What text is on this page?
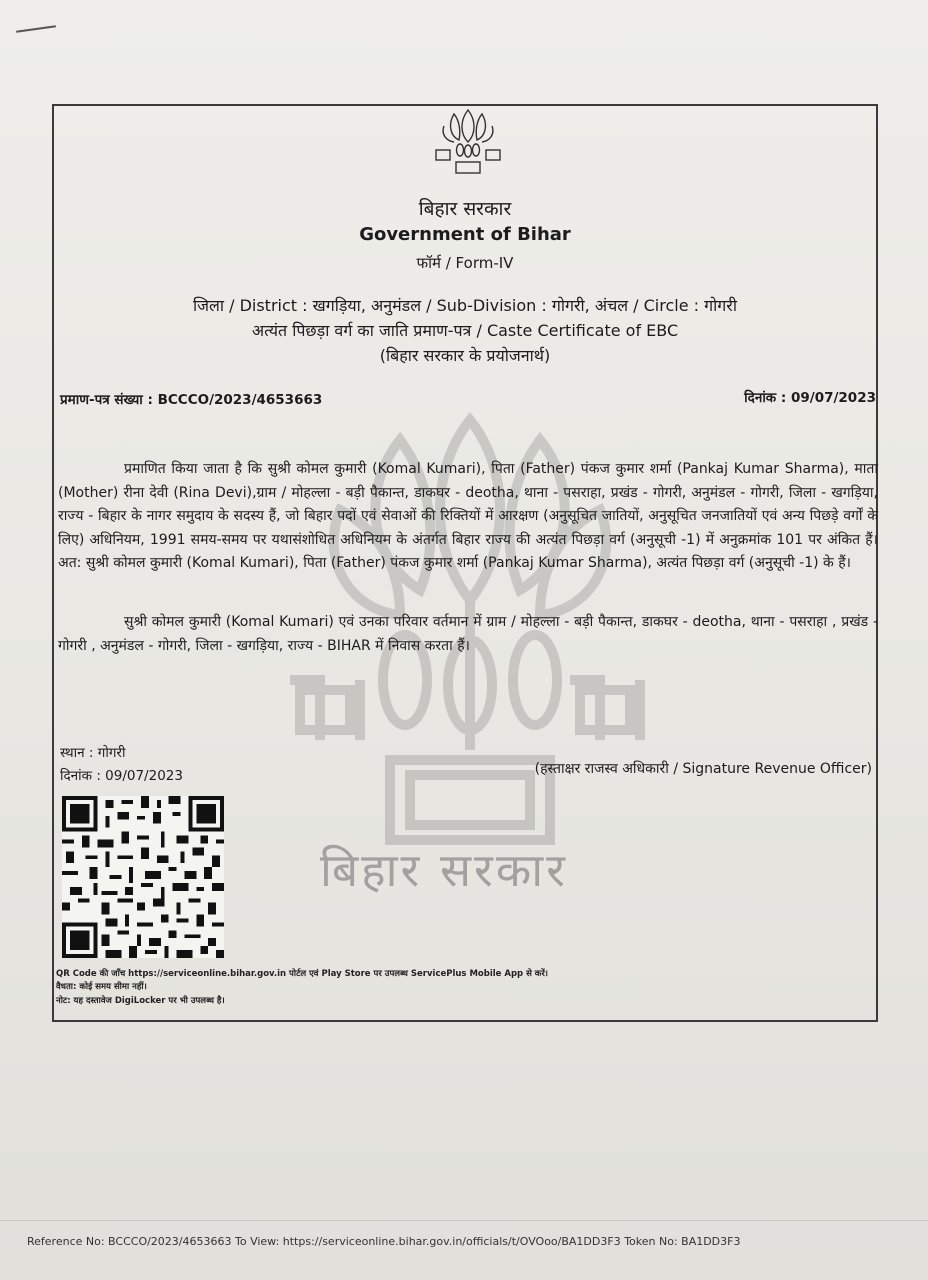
बिहार सरकार
बिहार सरकार
Government of Bihar
फॉर्म / Form-IV
जिला / District : खगड़िया, अनुमंडल / Sub-Division : गोगरी, अंचल / Circle : गोगरी
अत्यंत पिछड़ा वर्ग का जाति प्रमाण-पत्र / Caste Certificate of EBC
(बिहार सरकार के प्रयोजनार्थ)
प्रमाण-पत्र संख्या : BCCCO/2023/4653663	दिनांक : 09/07/2023

प्रमाणित किया जाता है कि सुश्री कोमल कुमारी (Komal Kumari), पिता (Father) पंकज कुमार शर्मा (Pankaj Kumar Sharma), माता (Mother) रीना देवी (Rina Devi),ग्राम / मोहल्ला - बड़ी पैकान्त, डाकघर - deotha, थाना - पसराहा, प्रखंड - गोगरी, अनुमंडल - गोगरी, जिला - खगड़िया, राज्य - बिहार के नागर समुदाय के सदस्य हैं, जो बिहार पदों एवं सेवाओं की रिक्तियों में आरक्षण (अनुसूचित जातियों, अनुसूचित जनजातियों एवं अन्य पिछड़े वर्गों के लिए) अधिनियम, 1991 समय-समय पर यथासंशोधित अधिनियम के अंतर्गत बिहार राज्य की अत्यंत पिछड़ा वर्ग (अनुसूची -1) में अनुक्रमांक 101 पर अंकित हैं। अत: सुश्री कोमल कुमारी (Komal Kumari), पिता (Father) पंकज कुमार शर्मा (Pankaj Kumar Sharma), अत्यंत पिछड़ा वर्ग (अनुसूची -1) के हैं।

सुश्री कोमल कुमारी (Komal Kumari) एवं उनका परिवार वर्तमान में ग्राम / मोहल्ला - बड़ी पैकान्त, डाकघर - deotha, थाना - पसराहा , प्रखंड - गोगरी , अनुमंडल - गोगरी, जिला - खगड़िया, राज्य - BIHAR में निवास करता हैं।

स्थान : गोगरी
दिनांक : 09/07/2023	(हस्ताक्षर राजस्व अधिकारी / Signature Revenue Officer)
QR Code की जाँच https://serviceonline.bihar.gov.in पोर्टल एवं Play Store पर उपलब्ध ServicePlus Mobile App से करें।
वैधता: कोई समय सीमा नहीं।
नोट: यह दस्तावेज DigiLocker पर भी उपलब्ध है।
Reference No: BCCCO/2023/4653663 To View: https://serviceonline.bihar.gov.in/officials/t/OVOoo/BA1DD3F3 Token No: BA1DD3F3
